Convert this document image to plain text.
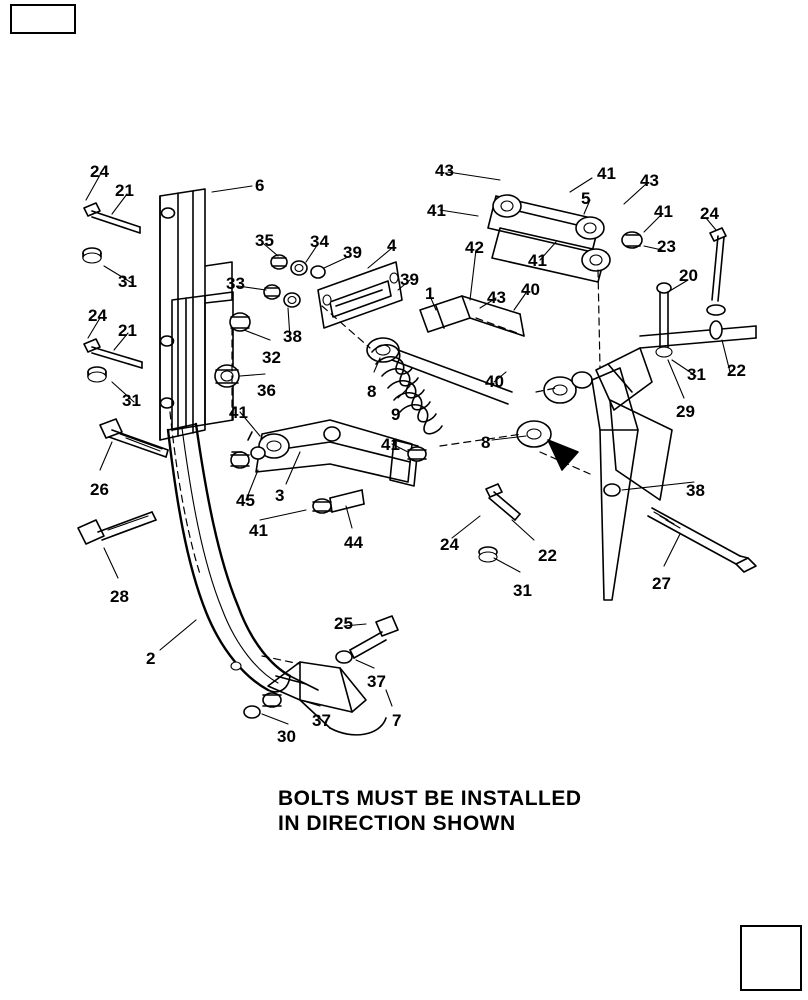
24
21	6
43	41 43
5
41	41 24
31
35 34
39 4	42
41
23
33	39
1	43 40
20
24
21	38
32
31 22
8
40
29
31
36
9
41
41	8
26
45 3	38
41
44	24
22
27
28	31
2
25
37
37	7
30
BOLTS MUST BE INSTALLED
IN DIRECTION SHOWN
